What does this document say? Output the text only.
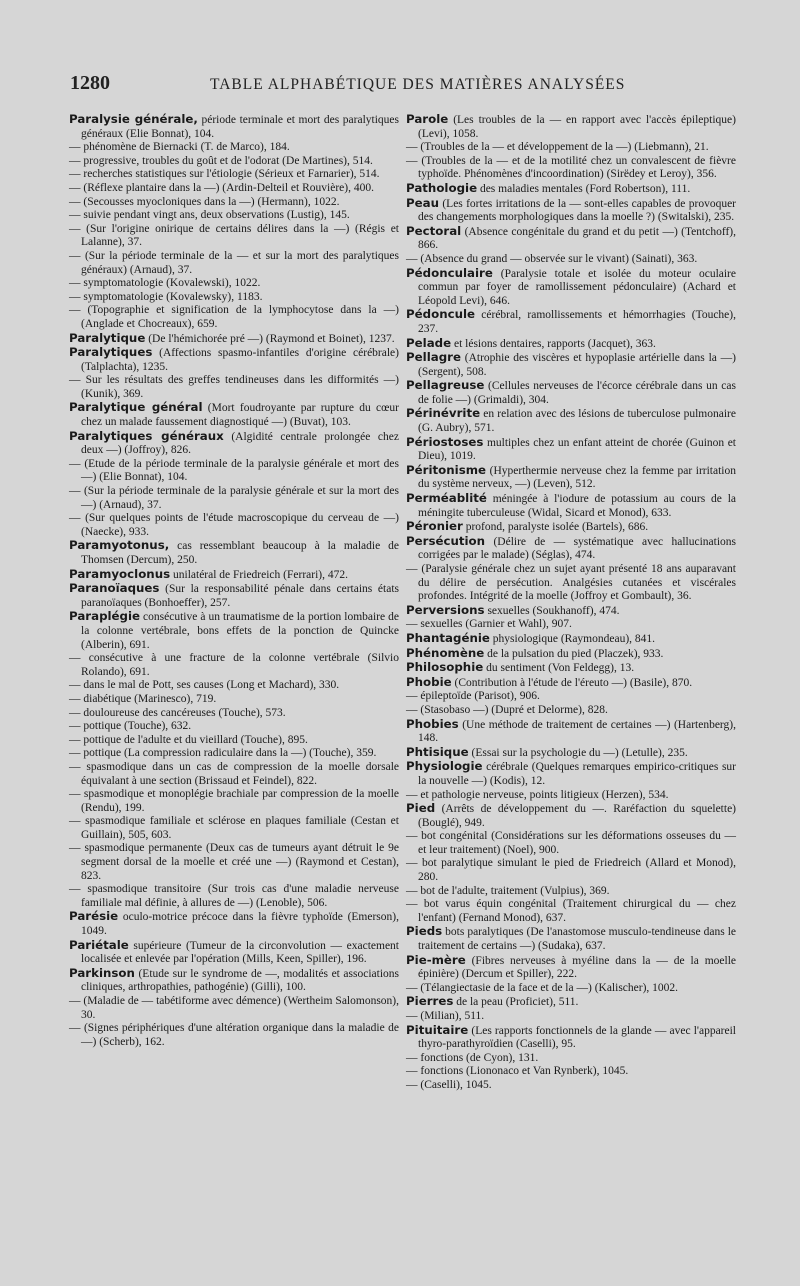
1280	TABLE ALPHABÉTIQUE DES MATIÈRES ANALYSÉES

Paralysie générale, période terminale et mort des paralytiques généraux (Elie Bonnat), 104.

— phénomène de Biernacki (T. de Marco), 184.

— progressive, troubles du goût et de l'odorat (De Martines), 514.

— recherches statistiques sur l'étiologie (Sérieux et Farnarier), 514.

— (Réflexe plantaire dans la —) (Ardin-Delteil et Rouvière), 400.

— (Secousses myocloniques dans la —) (Hermann), 1022.

— suivie pendant vingt ans, deux observations (Lustig), 145.

— (Sur l'origine onirique de certains délires dans la —) (Régis et Lalanne), 37.

— (Sur la période terminale de la — et sur la mort des paralytiques généraux) (Arnaud), 37.

— symptomatologie (Kovalewski), 1022.

— symptomatologie (Kovalewsky), 1183.

— (Topographie et signification de la lymphocytose dans la —) (Anglade et Chocreaux), 659.

Paralytique (De l'hémichorée pré —) (Raymond et Boinet), 1237.

Paralytiques (Affections spasmo-infantiles d'origine cérébrale) (Talplachta), 1235.

— Sur les résultats des greffes tendineuses dans les difformités —) (Kunik), 369.

Paralytique général (Mort foudroyante par rupture du cœur chez un malade faussement diagnostiqué —) (Buvat), 103.

Paralytiques généraux (Algidité centrale prolongée chez deux —) (Joffroy), 826.

— (Etude de la période terminale de la paralysie générale et mort des —) (Elie Bonnat), 104.

— (Sur la période terminale de la paralysie générale et sur la mort des —) (Arnaud), 37.

— (Sur quelques points de l'étude macroscopique du cerveau de —) (Naecke), 933.

Paramyotonus, cas ressemblant beaucoup à la maladie de Thomsen (Dercum), 250.

Paramyoclonus unilatéral de Friedreich (Ferrari), 472.

Paranoïaques (Sur la responsabilité pénale dans certains états paranoïaques (Bonhoeffer), 257.

Paraplégie consécutive à un traumatisme de la portion lombaire de la colonne vertébrale, bons effets de la ponction de Quincke (Alberin), 691.

— consécutive à une fracture de la colonne vertébrale (Silvio Rolando), 691.

— dans le mal de Pott, ses causes (Long et Machard), 330.

— diabétique (Marinesco), 719.

— douloureuse des cancéreuses (Touche), 573.

— pottique (Touche), 632.

— pottique de l'adulte et du vieillard (Touche), 895.

— pottique (La compression radiculaire dans la —) (Touche), 359.

— spasmodique dans un cas de compression de la moelle dorsale équivalant à une section (Brissaud et Feindel), 822.

— spasmodique et monoplégie brachiale par compression de la moelle (Rendu), 199.

— spasmodique familiale et sclérose en plaques familiale (Cestan et Guillain), 505, 603.

— spasmodique permanente (Deux cas de tumeurs ayant détruit le 9e segment dorsal de la moelle et créé une —) (Raymond et Cestan), 823.

— spasmodique transitoire (Sur trois cas d'une maladie nerveuse familiale mal définie, à allures de —) (Lenoble), 506.

Parésie oculo-motrice précoce dans la fièvre typhoïde (Emerson), 1049.

Pariétale supérieure (Tumeur de la circonvolution — exactement localisée et enlevée par l'opération (Mills, Keen, Spiller), 196.

Parkinson (Etude sur le syndrome de —, modalités et associations cliniques, arthropathies, pathogénie) (Gilli), 100.

— (Maladie de — tabétiforme avec démence) (Wertheim Salomonson), 30.

— (Signes périphériques d'une altération organique dans la maladie de —) (Scherb), 162.

Parole (Les troubles de la — en rapport avec l'accès épileptique) (Levi), 1058.

— (Troubles de la — et développement de la —) (Liebmann), 21.

— (Troubles de la — et de la motilité chez un convalescent de fièvre typhoïde. Phénomènes d'incoordination) (Sirëdey et Leroy), 356.

Pathologie des maladies mentales (Ford Robertson), 111.

Peau (Les fortes irritations de la — sont-elles capables de provoquer des changements morphologiques dans la moelle ?) (Switalski), 235.

Pectoral (Absence congénitale du grand et du petit —) (Tentchoff), 866.

— (Absence du grand — observée sur le vivant) (Sainati), 363.

Pédonculaire (Paralysie totale et isolée du moteur oculaire commun par foyer de ramollissement pédonculaire) (Achard et Léopold Levi), 646.

Pédoncule cérébral, ramollissements et hémorrhagies (Touche), 237.

Pelade et lésions dentaires, rapports (Jacquet), 363.

Pellagre (Atrophie des viscères et hypoplasie artérielle dans la —) (Sergent), 508.

Pellagreuse (Cellules nerveuses de l'écorce cérébrale dans un cas de folie —) (Grimaldi), 304.

Périnévrite en relation avec des lésions de tuberculose pulmonaire (G. Aubry), 571.

Périostoses multiples chez un enfant atteint de chorée (Guinon et Dieu), 1019.

Péritonisme (Hyperthermie nerveuse chez la femme par irritation du système nerveux, —) (Leven), 512.

Perméablité méningée à l'iodure de potassium au cours de la méningite tuberculeuse (Widal, Sicard et Monod), 633.

Péronier profond, paralyste isolée (Bartels), 686.

Persécution (Délire de — systématique avec hallucinations corrigées par le malade) (Séglas), 474.

— (Paralysie générale chez un sujet ayant présenté 18 ans auparavant du délire de persécution. Analgésies cutanées et viscérales profondes. Intégrité de la moelle (Joffroy et Gombault), 36.

Perversions sexuelles (Soukhanoff), 474.

— sexuelles (Garnier et Wahl), 907.

Phantagénie physiologique (Raymondeau), 841.

Phénomène de la pulsation du pied (Placzek), 933.

Philosophie du sentiment (Von Feldegg), 13.

Phobie (Contribution à l'étude de l'éreuto —) (Basile), 870.

— épileptoïde (Parisot), 906.

— (Stasobaso —) (Dupré et Delorme), 828.

Phobies (Une méthode de traitement de certaines —) (Hartenberg), 148.

Phtisique (Essai sur la psychologie du —) (Letulle), 235.

Physiologie cérébrale (Quelques remarques empirico-critiques sur la nouvelle —) (Kodis), 12.

— et pathologie nerveuse, points litigieux (Herzen), 534.

Pied (Arrêts de développement du —. Raréfaction du squelette) (Bouglé), 949.

— bot congénital (Considérations sur les déformations osseuses du — et leur traitement) (Noel), 900.

— bot paralytique simulant le pied de Friedreich (Allard et Monod), 280.

— bot de l'adulte, traitement (Vulpius), 369.

— bot varus équin congénital (Traitement chirurgical du — chez l'enfant) (Fernand Monod), 637.

Pieds bots paralytiques (De l'anastomose musculo-tendineuse dans le traitement de certains —) (Sudaka), 637.

Pie-mère (Fibres nerveuses à myéline dans la — de la moelle épinière) (Dercum et Spiller), 222.

— (Télangiectasie de la face et de la —) (Kalischer), 1002.

Pierres de la peau (Proficiet), 511.

— (Milian), 511.

Pituitaire (Les rapports fonctionnels de la glande — avec l'appareil thyro-parathyroïdien (Caselli), 95.

— fonctions (de Cyon), 131.

— fonctions (Liononaco et Van Rynberk), 1045.

— (Caselli), 1045.
